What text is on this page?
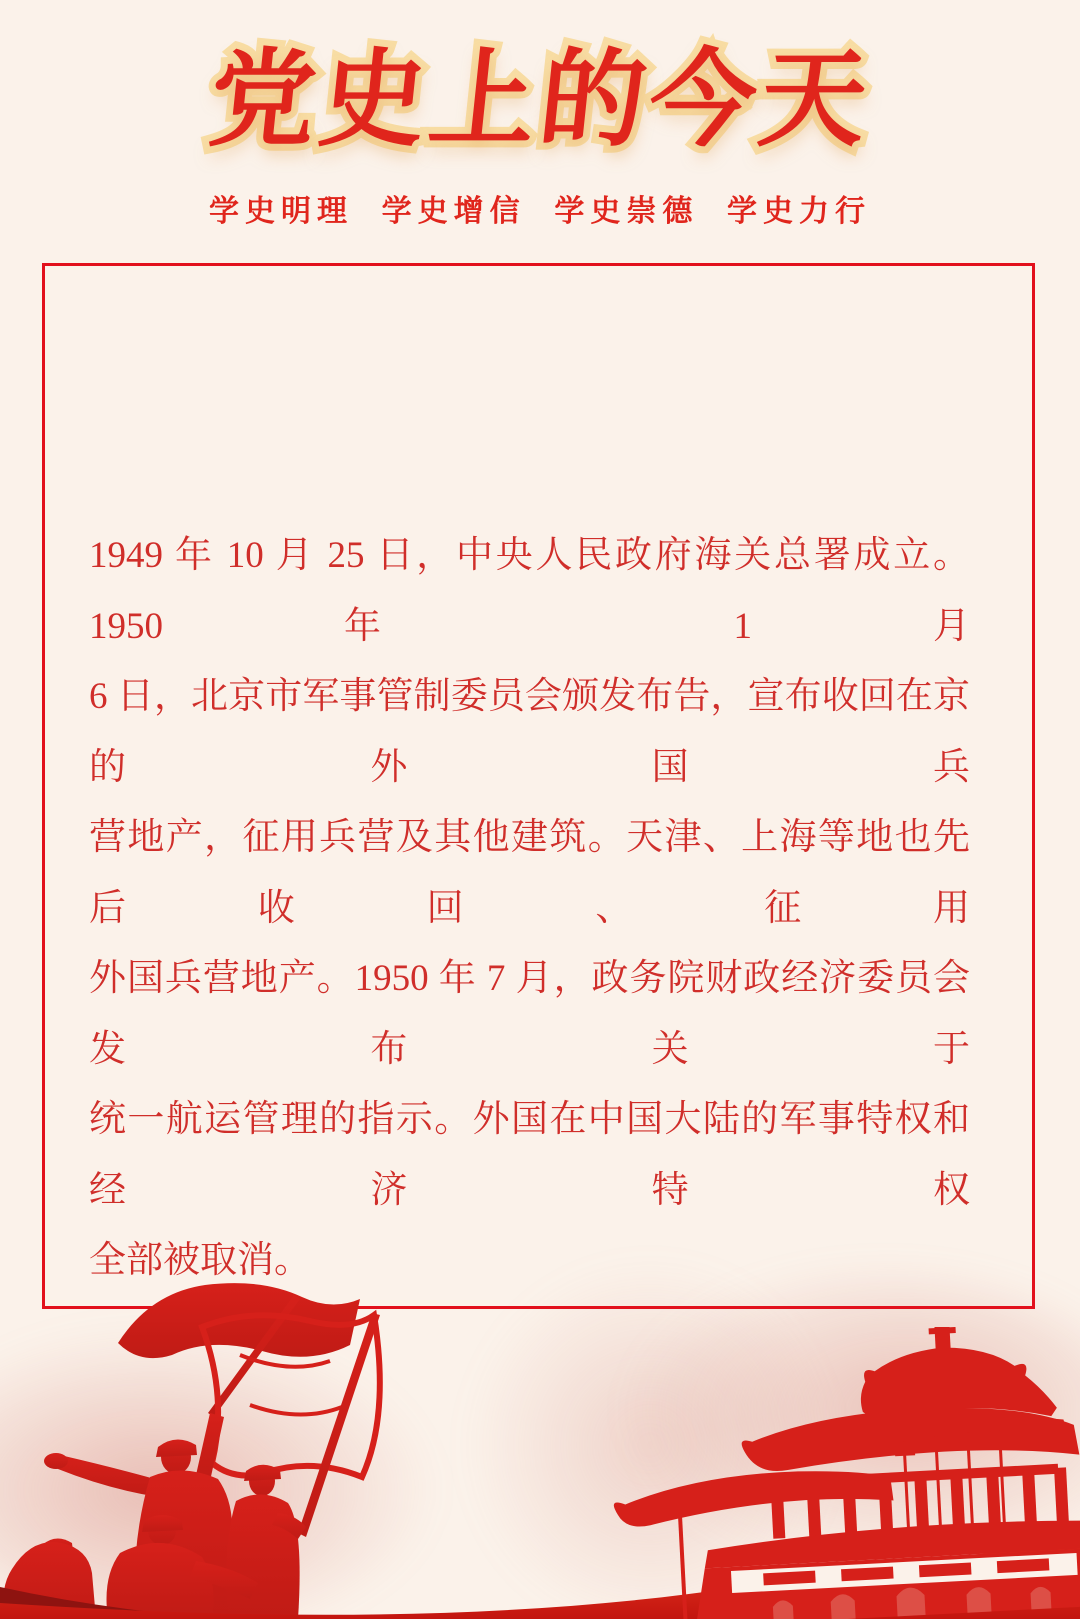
党史上的今天
学史明理  学史增信  学史崇德  学史力行
1949 年 10 月 25 日，中央人民政府海关总署成立。1950 年 1 月
6 日，北京市军事管制委员会颁发布告，宣布收回在京的外国兵
营地产，征用兵营及其他建筑。天津、上海等地也先后收回、征用
外国兵营地产。1950 年 7 月，政务院财政经济委员会发布关于
统一航运管理的指示。外国在中国大陆的军事特权和经济特权
全部被取消。
